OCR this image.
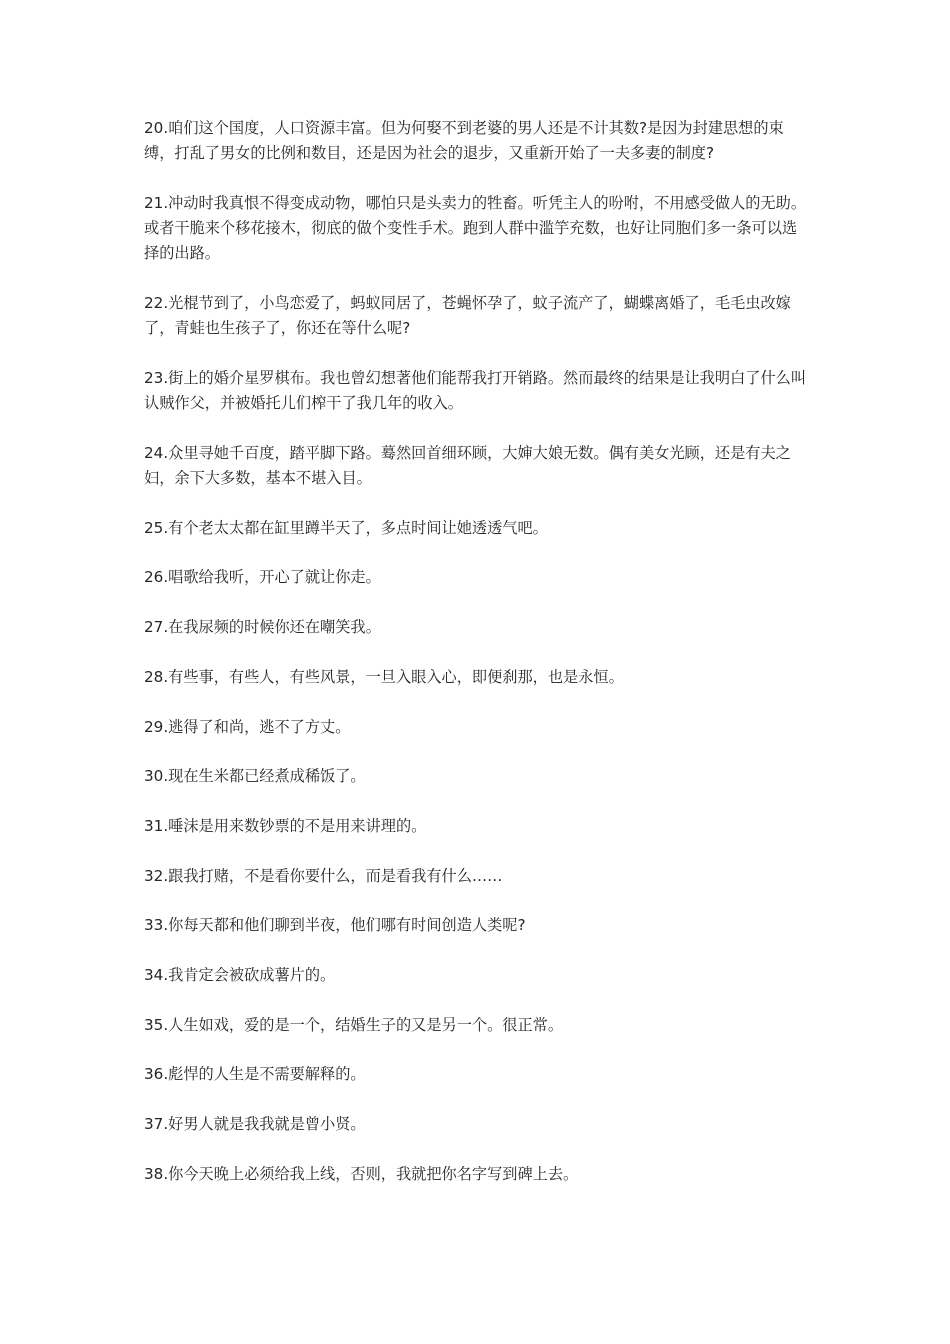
20.咱们这个国度，人口资源丰富。但为何娶不到老婆的男人还是不计其数?是因为封建思想的束缚，打乱了男女的比例和数目，还是因为社会的退步，又重新开始了一夫多妻的制度?

21.冲动时我真恨不得变成动物，哪怕只是头卖力的牲畜。听凭主人的吩咐，不用感受做人的无助。或者干脆来个移花接木，彻底的做个变性手术。跑到人群中滥竽充数，也好让同胞们多一条可以选择的出路。

22.光棍节到了，小鸟恋爱了，蚂蚁同居了，苍蝇怀孕了，蚊子流产了，蝴蝶离婚了，毛毛虫改嫁了，青蛙也生孩子了，你还在等什么呢?

23.街上的婚介星罗棋布。我也曾幻想著他们能帮我打开销路。然而最终的结果是让我明白了什么叫认贼作父，并被婚托儿们榨干了我几年的收入。

24.众里寻她千百度，踏平脚下路。蓦然回首细环顾，大婶大娘无数。偶有美女光顾，还是有夫之妇，余下大多数，基本不堪入目。

25.有个老太太都在缸里蹲半天了，多点时间让她透透气吧。

26.唱歌给我听，开心了就让你走。

27.在我尿频的时候你还在嘲笑我。

28.有些事，有些人，有些风景，一旦入眼入心，即便刹那，也是永恒。

29.逃得了和尚，逃不了方丈。

30.现在生米都已经煮成稀饭了。

31.唾沫是用来数钞票的不是用来讲理的。

32.跟我打赌，不是看你要什么，而是看我有什么……

33.你每天都和他们聊到半夜，他们哪有时间创造人类呢?

34.我肯定会被砍成薯片的。

35.人生如戏，爱的是一个，结婚生子的又是另一个。很正常。

36.彪悍的人生是不需要解释的。

37.好男人就是我我就是曾小贤。

38.你今天晚上必须给我上线，否则，我就把你名字写到碑上去。
